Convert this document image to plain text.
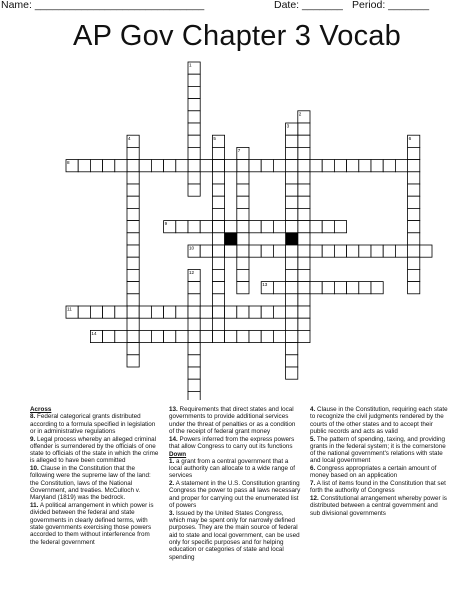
Name: _____________________________	Date: _______ Period: _______
AP Gov Chapter 3 Vocab
1
2
3
4	5	6
7
8
9
10
11
12
13
14
Across
8. Federal categorical grants distributed according to a formula specified in legislation or in administrative regulations
9. Legal process whereby an alleged criminal offender is surrendered by the officials of one state to officials of the state in which the crime is alleged to have been committed
10. Clause in the Constitution that the following were the supreme law of the land: the Constitution, laws of the National Government, and treaties. McCulloch v. Maryland (1819) was the bedrock.
11. A political arrangement in which power is divided between the federal and state governments in clearly defined terms, with state governments exercising those powers accorded to them without interference from the federal government
13. Requirements that direct states and local governments to provide additional services under the threat of penalties or as a condition of the receipt of federal grant money
14. Powers inferred from the express powers that allow Congress to carry out its functions
Down
1. a grant from a central government that a local authority can allocate to a wide range of services
2. A statement in the U.S. Constitution granting Congress the power to pass all laws necessary and proper for carrying out the enumerated list of powers
3. Issued by the United States Congress, which may be spent only for narrowly defined purposes. They are the main source of federal aid to state and local government, can be used only for specific purposes and for helping education or categories of state and local spending
4. Clause in the Constitution, requiring each state to recognize the civil judgments rendered by the courts of the other states and to accept their public records and acts as valid
5. The pattern of spending, taxing, and providing grants in the federal system; it is the cornerstone of the national government's relations with state and local government
6. Congress appropriates a certain amount of money based on an application
7. A list of items found in the Constitution that set forth the authority of Congress
12. Constitutional arrangement whereby power is distributed between a central government and sub divisional governments
